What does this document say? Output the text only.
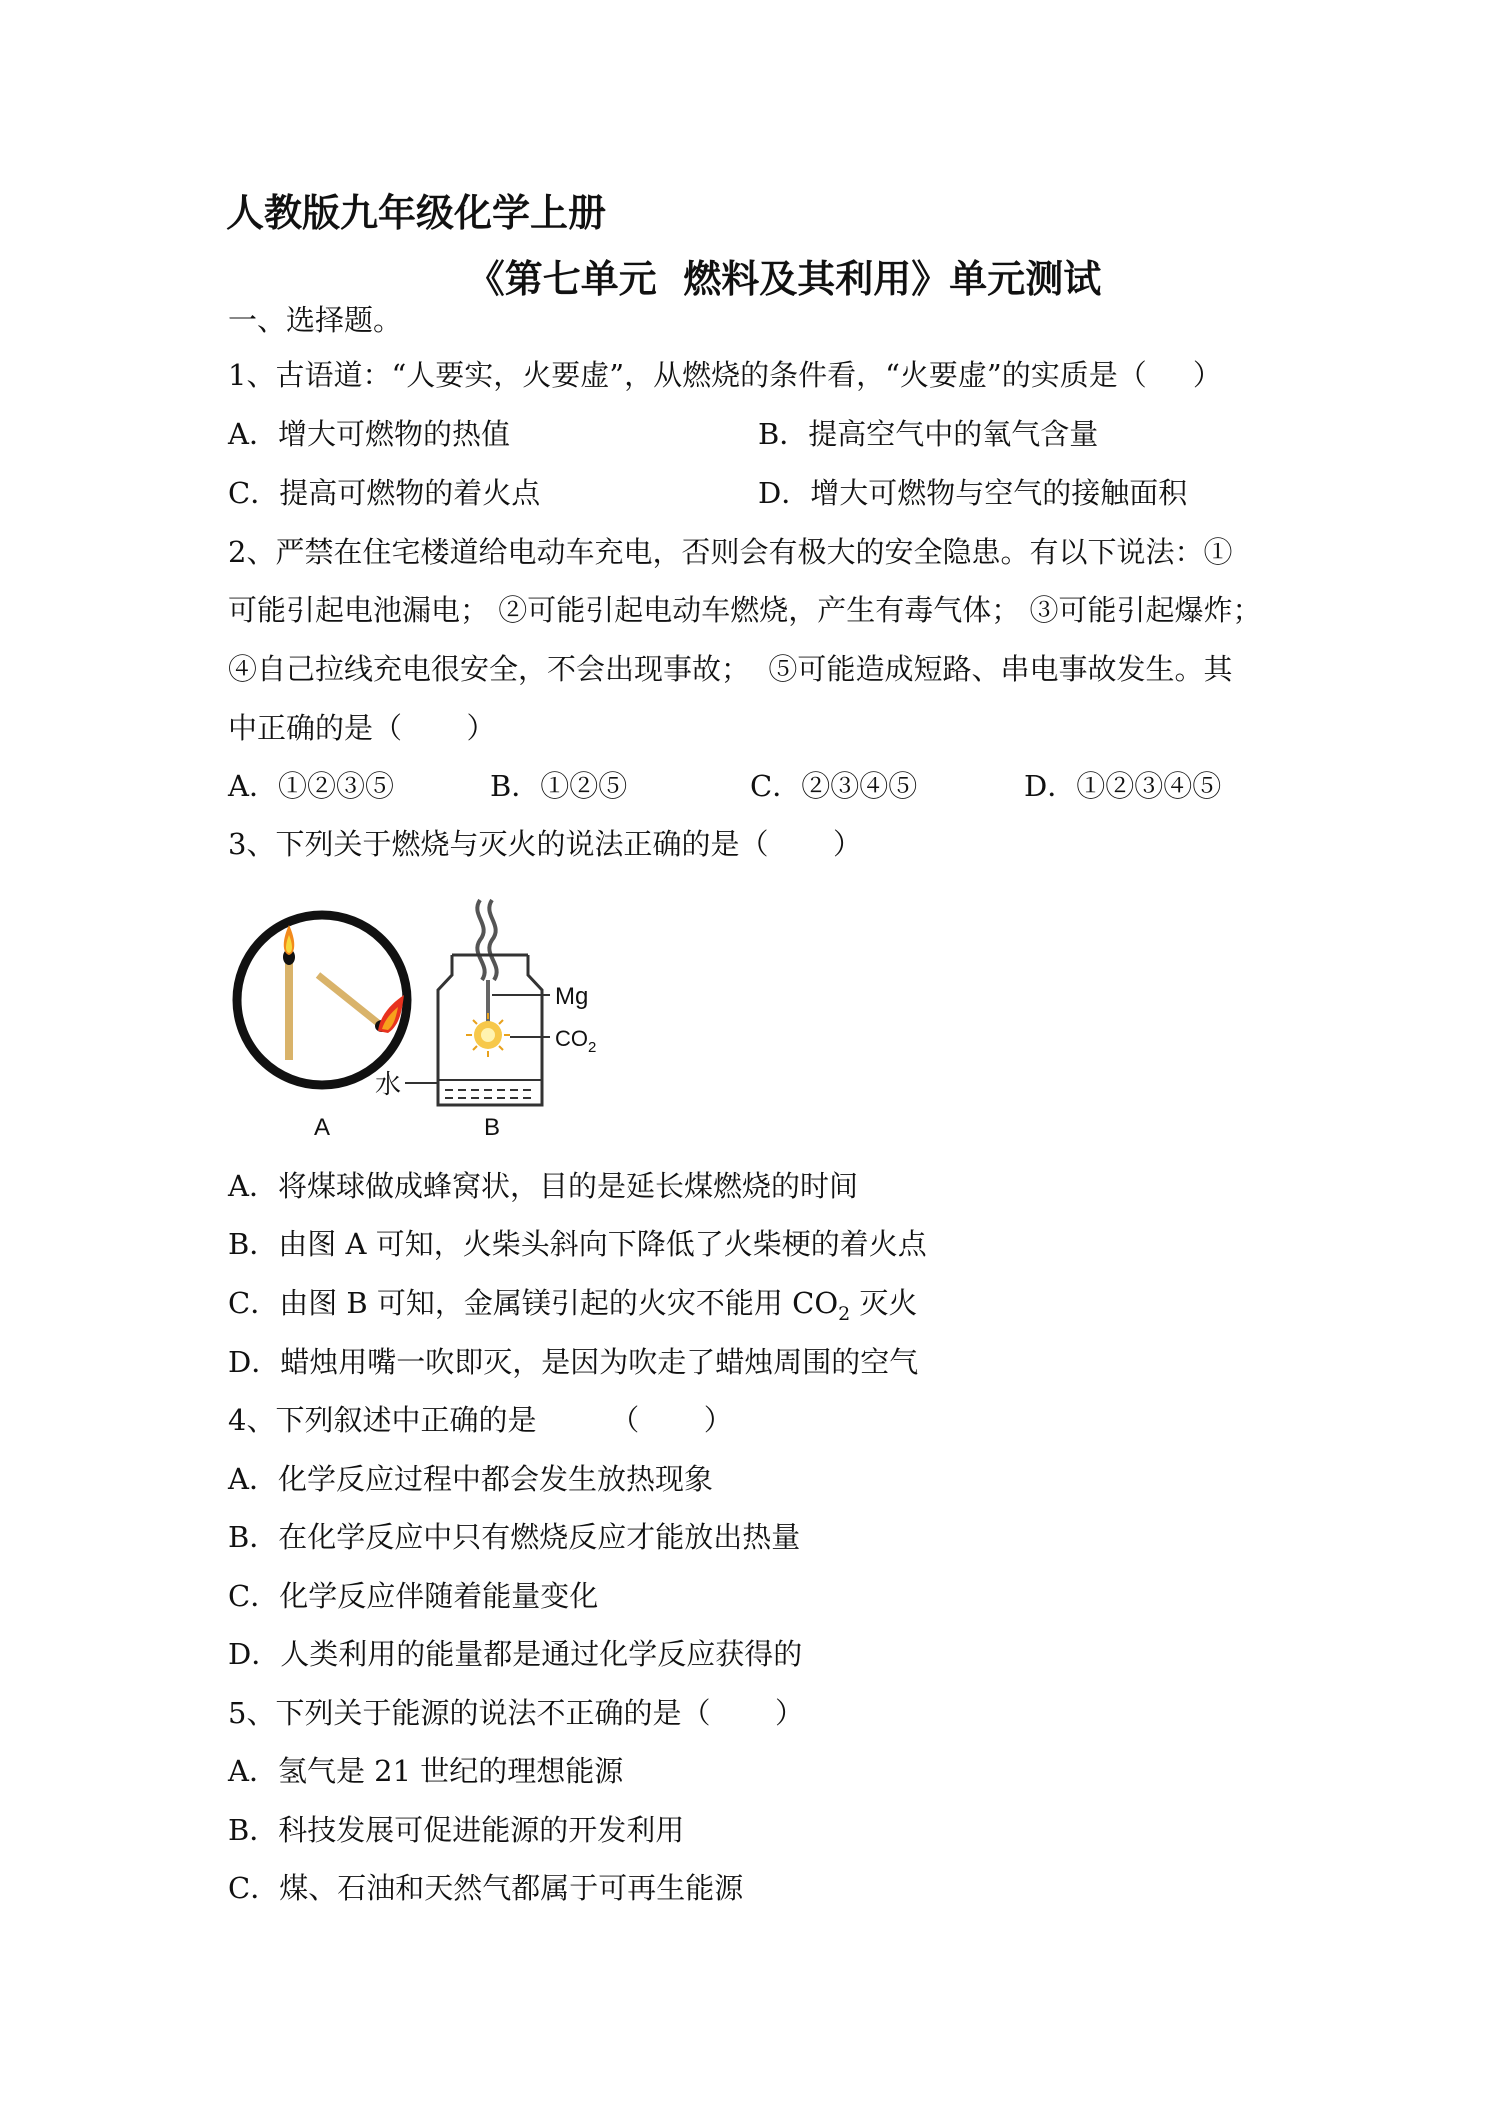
人教版九年级化学上册
《第七单元  燃料及其利用》单元测试
一、选择题。
1、古语道：“人要实，火要虚”，从燃烧的条件看，“火要虚”的实质是（     ）
A．增大可燃物的热值	B．提高空气中的氧气含量
C．提高可燃物的着火点	D．增大可燃物与空气的接触面积
2、严禁在住宅楼道给电动车充电，否则会有极大的安全隐患。有以下说法：①
可能引起电池漏电； ②可能引起电动车燃烧，产生有毒气体； ③可能引起爆炸；
④自己拉线充电很安全，不会出现事故；  ⑤可能造成短路、串电事故发生。其
中正确的是（       ）
A．①②③⑤	B．①②⑤	C．②③④⑤	D．①②③④⑤
3、下列关于燃烧与灭火的说法正确的是（       ）
A
Mg
$CO_2$
水
B
A．将煤球做成蜂窝状，目的是延长煤燃烧的时间
B．由图 A 可知，火柴头斜向下降低了火柴梗的着火点
C．由图 B 可知，金属镁引起的火灾不能用 $CO_2$ 灭火
D．蜡烛用嘴一吹即灭，是因为吹走了蜡烛周围的空气
4、下列叙述中正确的是        （       ）
A．化学反应过程中都会发生放热现象
B．在化学反应中只有燃烧反应才能放出热量
C．化学反应伴随着能量变化
D．人类利用的能量都是通过化学反应获得的
5、下列关于能源的说法不正确的是（       ）
A．氢气是 21 世纪的理想能源
B．科技发展可促进能源的开发利用
C．煤、石油和天然气都属于可再生能源
